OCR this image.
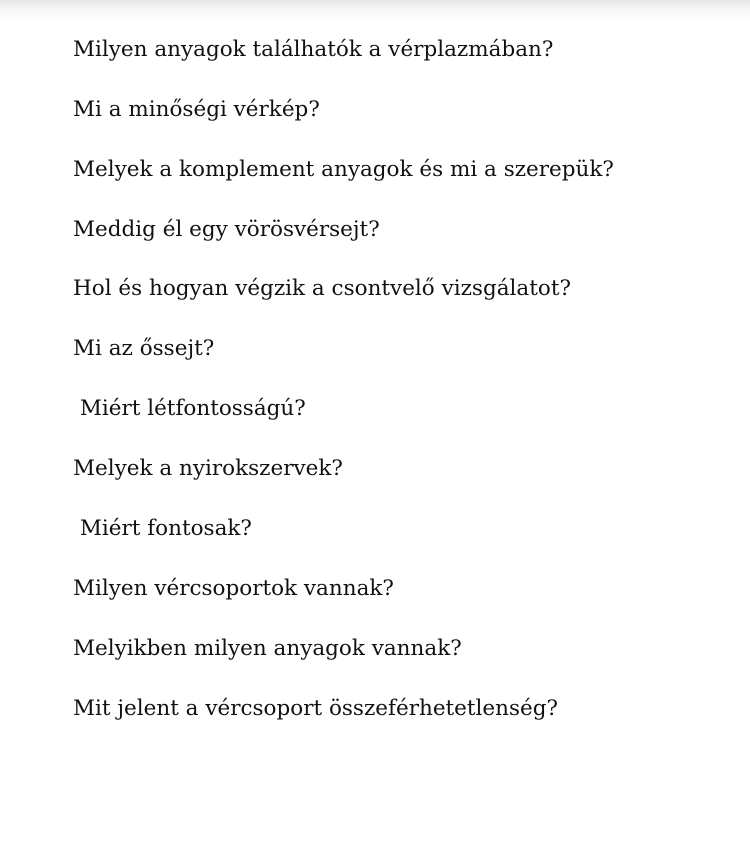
Milyen anyagok találhatók a vérplazmában?

Mi a minőségi vérkép?

Melyek a komplement anyagok és mi a szerepük?

Meddig él egy vörösvérsejt?

Hol és hogyan végzik a csontvelő vizsgálatot?

Mi az őssejt?

Miért létfontosságú?

Melyek a nyirokszervek?

Miért fontosak?

Milyen vércsoportok vannak?

Melyikben milyen anyagok vannak?

Mit jelent a vércsoport összeférhetetlenség?
